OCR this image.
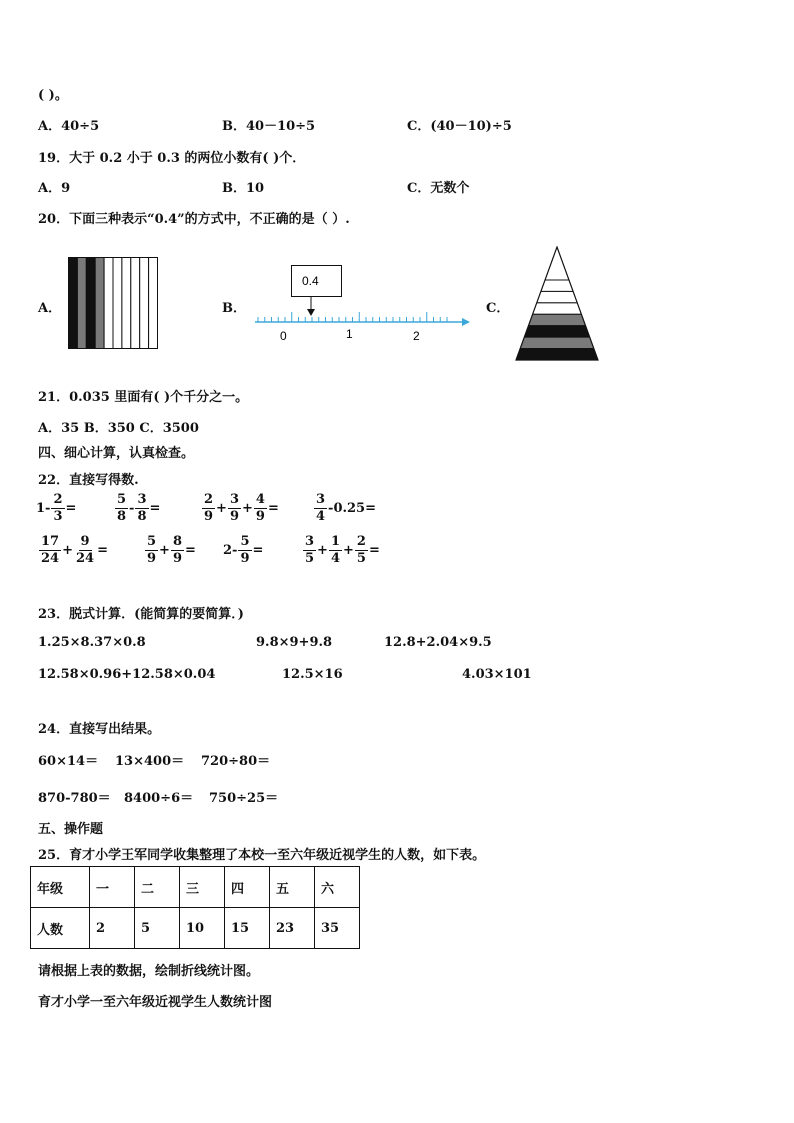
( )。
A．40÷5	B．40－10÷5	C．(40－10)÷5
19．大于 0.2 小于 0.3 的两位小数有( )个．
A．9	B．10	C．无数个
20．下面三种表示“0.4”的方式中，不正确的是（ ）.
A．	B．	C．
0.4
0	1	2
21．0.035 里面有( )个千分之一。
A．35 B．350 C．3500
四、细心计算，认真检查。
22．直接写得数.
$1- \frac{2}{3}$ =	$\frac{5}{8} - \frac{3}{8}$ =	$\frac{2}{9} + \frac{3}{9} + \frac{4}{9}$ =	$\frac{3}{4} -0.25=$
$\frac{17}{24} + \frac{9}{24}$ =	$\frac{5}{9} + \frac{8}{9} = 2- \frac{5}{9}$ =	$\frac{3}{5} + \frac{1}{4} + \frac{2}{5}$ =
23．脱式计算．(能简算的要简算．)
1.25×8.37×0.8	9.8×9+9.8	12.8+2.04×9.5
12.58×0.96+12.58×0.04	12.5×16	4.03×101
24．直接写出结果。
60×14＝ 13×400＝ 720÷80＝
870-780＝ 8400÷6＝ 750÷25＝
五、操作题
25．育才小学王军同学收集整理了本校一至六年级近视学生的人数，如下表。
年级	一	二	三	四	五	六
人数	2	5	10	15	23	35
请根据上表的数据，绘制折线统计图。
育才小学一至六年级近视学生人数统计图
